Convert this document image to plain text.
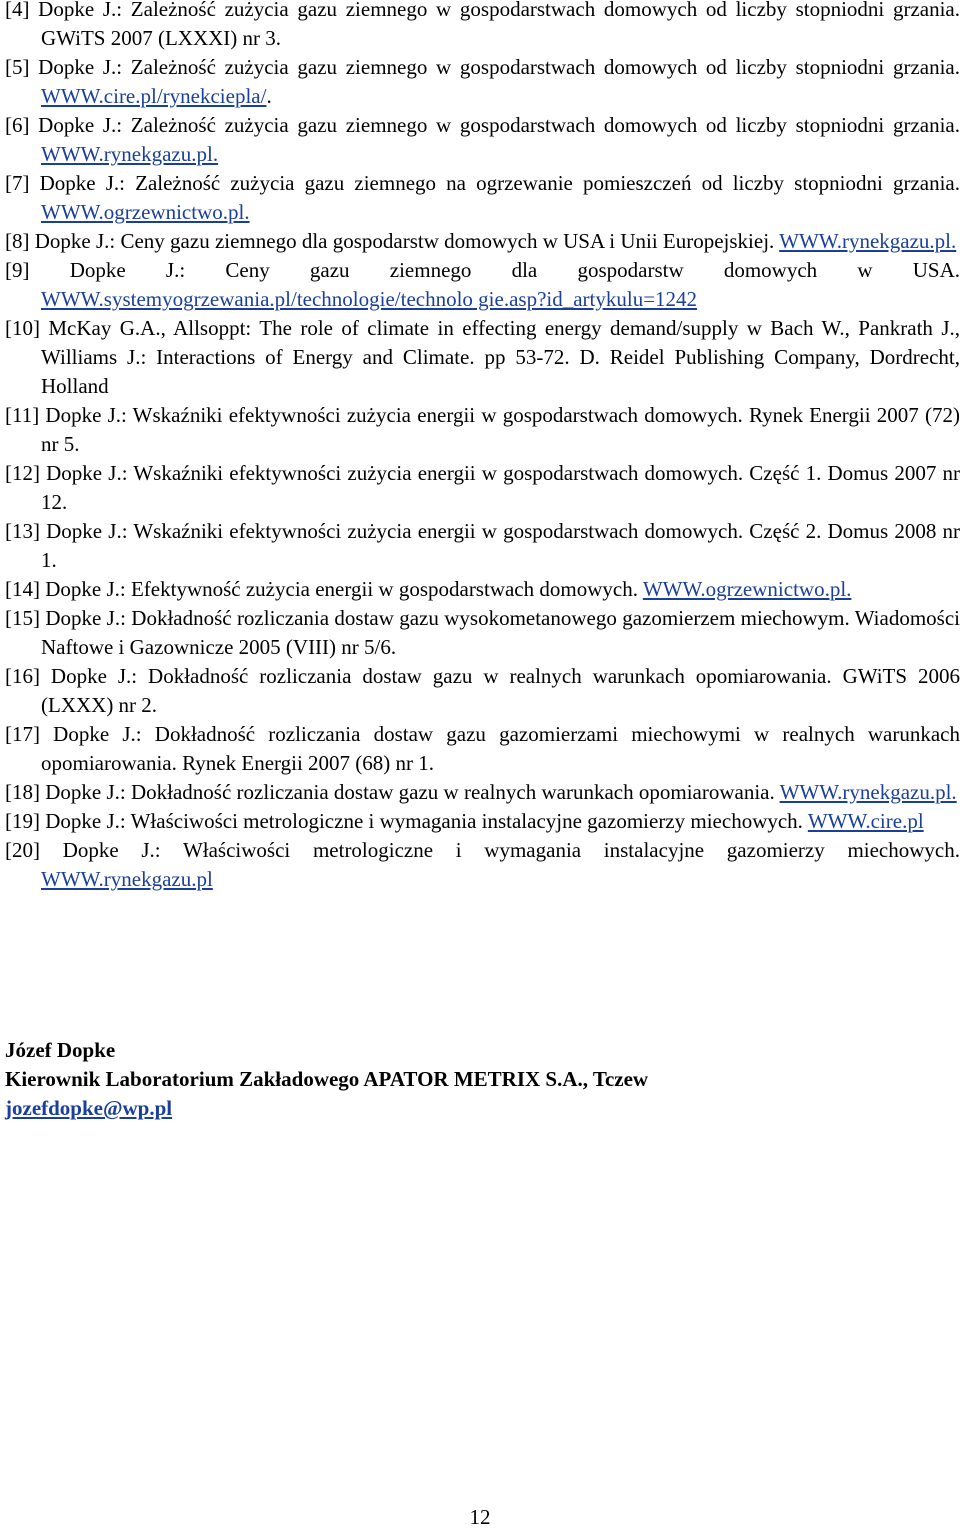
[4] Dopke J.: Zależność zużycia gazu ziemnego w gospodarstwach domowych od liczby stopniodni grzania. GWiTS 2007 (LXXXI) nr 3.
[5] Dopke J.: Zależność zużycia gazu ziemnego w gospodarstwach domowych od liczby stopniodni grzania. WWW.cire.pl/rynekciepla/.
[6] Dopke J.: Zależność zużycia gazu ziemnego w gospodarstwach domowych od liczby stopniodni grzania. WWW.rynekgazu.pl.
[7] Dopke J.: Zależność zużycia gazu ziemnego na ogrzewanie pomieszczeń od liczby stopniodni grzania. WWW.ogrzewnictwo.pl.
[8] Dopke J.: Ceny gazu ziemnego dla gospodarstw domowych w USA i Unii Europejskiej. WWW.rynekgazu.pl.
[9] Dopke J.: Ceny gazu ziemnego dla gospodarstw domowych w USA. WWW.systemyogrzewania.pl/technologie/technolo gie.asp?id_artykulu=1242
[10] McKay G.A., Allsoppt: The role of climate in effecting energy demand/supply w Bach W., Pankrath J., Williams J.: Interactions of Energy and Climate. pp 53-72. D. Reidel Publishing Company, Dordrecht, Holland
[11] Dopke J.: Wskaźniki efektywności zużycia energii w gospodarstwach domowych. Rynek Energii 2007 (72) nr 5.
[12] Dopke J.: Wskaźniki efektywności zużycia energii w gospodarstwach domowych. Część 1. Domus 2007 nr 12.
[13] Dopke J.: Wskaźniki efektywności zużycia energii w gospodarstwach domowych. Część 2. Domus 2008 nr 1.
[14] Dopke J.: Efektywność zużycia energii w gospodarstwach domowych. WWW.ogrzewnictwo.pl.
[15] Dopke J.: Dokładność rozliczania dostaw gazu wysokometanowego gazomierzem miechowym. Wiadomości Naftowe i Gazownicze 2005 (VIII) nr 5/6.
[16] Dopke J.: Dokładność rozliczania dostaw gazu w realnych warunkach opomiarowania. GWiTS 2006 (LXXX) nr 2.
[17] Dopke J.: Dokładność rozliczania dostaw gazu gazomierzami miechowymi w realnych warunkach opomiarowania. Rynek Energii 2007 (68) nr 1.
[18] Dopke J.: Dokładność rozliczania dostaw gazu w realnych warunkach opomiarowania. WWW.rynekgazu.pl.
[19] Dopke J.: Właściwości metrologiczne i wymagania instalacyjne gazomierzy miechowych. WWW.cire.pl
[20] Dopke J.: Właściwości metrologiczne i wymagania instalacyjne gazomierzy miechowych. WWW.rynekgazu.pl
Józef Dopke
Kierownik Laboratorium Zakładowego APATOR METRIX S.A., Tczew
jozefdopke@wp.pl
12
